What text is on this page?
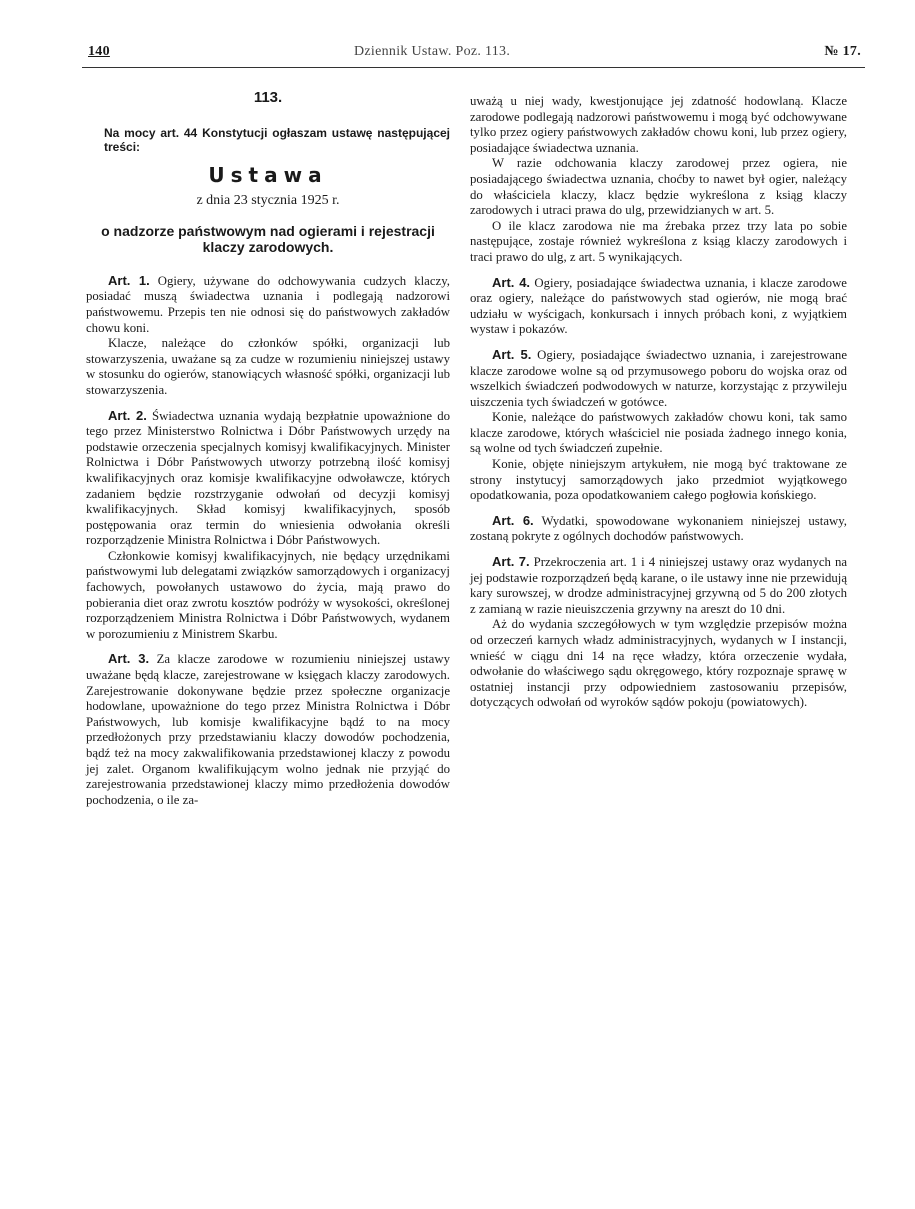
140	Dziennik Ustaw. Poz. 113.	№ 17.

113.

Na mocy art. 44 Konstytucji ogłaszam ustawę następującej treści:

Ustawa

z dnia 23 stycznia 1925 r.

o nadzorze państwowym nad ogierami i rejestracji klaczy zarodowych.

Art. 1. Ogiery, używane do odchowywania cudzych klaczy, posiadać muszą świadectwa uznania i podlegają nadzorowi państwowemu. Przepis ten nie odnosi się do państwowych zakładów chowu koni.

Klacze, należące do członków spółki, organizacji lub stowarzyszenia, uważane są za cudze w rozumieniu niniejszej ustawy w stosunku do ogierów, stanowiących własność spółki, organizacji lub stowarzyszenia.

Art. 2. Świadectwa uznania wydają bezpłatnie upoważnione do tego przez Ministerstwo Rolnictwa i Dóbr Państwowych urzędy na podstawie orzeczenia specjalnych komisyj kwalifikacyjnych. Minister Rolnictwa i Dóbr Państwowych utworzy potrzebną ilość komisyj kwalifikacyjnych oraz komisje kwalifikacyjne odwoławcze, których zadaniem będzie rozstrzyganie odwołań od decyzji komisyj kwalifikacyjnych. Skład komisyj kwalifikacyjnych, sposób postępowania oraz termin do wniesienia odwołania określi rozporządzenie Ministra Rolnictwa i Dóbr Państwowych.

Członkowie komisyj kwalifikacyjnych, nie będący urzędnikami państwowymi lub delegatami związków samorządowych i organizacyj fachowych, powołanych ustawowo do życia, mają prawo do pobierania diet oraz zwrotu kosztów podróży w wysokości, określonej rozporządzeniem Ministra Rolnictwa i Dóbr Państwowych, wydanem w porozumieniu z Ministrem Skarbu.

Art. 3. Za klacze zarodowe w rozumieniu niniejszej ustawy uważane będą klacze, zarejestrowane w księgach klaczy zarodowych. Zarejestrowanie dokonywane będzie przez społeczne organizacje hodowlane, upoważnione do tego przez Ministra Rolnictwa i Dóbr Państwowych, lub komisje kwalifikacyjne bądź to na mocy przedłożonych przy przedstawianiu klaczy dowodów pochodzenia, bądź też na mocy zakwalifikowania przedstawionej klaczy z powodu jej zalet. Organom kwalifikującym wolno jednak nie przyjąć do zarejestrowania przedstawionej klaczy mimo przedłożenia dowodów pochodzenia, o ile za-

uważą u niej wady, kwestjonujące jej zdatność hodowlaną. Klacze zarodowe podlegają nadzorowi państwowemu i mogą być odchowywane tylko przez ogiery państwowych zakładów chowu koni, lub przez ogiery, posiadające świadectwa uznania.

W razie odchowania klaczy zarodowej przez ogiera, nie posiadającego świadectwa uznania, choćby to nawet był ogier, należący do właściciela klaczy, klacz będzie wykreślona z ksiąg klaczy zarodowych i utraci prawa do ulg, przewidzianych w art. 5.

O ile klacz zarodowa nie ma źrebaka przez trzy lata po sobie następujące, zostaje również wykreślona z ksiąg klaczy zarodowych i traci prawo do ulg, z art. 5 wynikających.

Art. 4. Ogiery, posiadające świadectwa uznania, i klacze zarodowe oraz ogiery, należące do państwowych stad ogierów, nie mogą brać udziału w wyścigach, konkursach i innych próbach koni, z wyjątkiem wystaw i pokazów.

Art. 5. Ogiery, posiadające świadectwo uznania, i zarejestrowane klacze zarodowe wolne są od przymusowego poboru do wojska oraz od wszelkich świadczeń podwodowych w naturze, korzystając z przywileju uiszczenia tych świadczeń w gotówce.

Konie, należące do państwowych zakładów chowu koni, tak samo klacze zarodowe, których właściciel nie posiada żadnego innego konia, są wolne od tych świadczeń zupełnie.

Konie, objęte niniejszym artykułem, nie mogą być traktowane ze strony instytucyj samorządowych jako przedmiot wyjątkowego opodatkowania, poza opodatkowaniem całego pogłowia końskiego.

Art. 6. Wydatki, spowodowane wykonaniem niniejszej ustawy, zostaną pokryte z ogólnych dochodów państwowych.

Art. 7. Przekroczenia art. 1 i 4 niniejszej ustawy oraz wydanych na jej podstawie rozporządzeń będą karane, o ile ustawy inne nie przewidują kary surowszej, w drodze administracyjnej grzywną od 5 do 200 złotych z zamianą w razie nieuiszczenia grzywny na areszt do 10 dni.

Aż do wydania szczegółowych w tym względzie przepisów można od orzeczeń karnych władz administracyjnych, wydanych w I instancji, wnieść w ciągu dni 14 na ręce władzy, która orzeczenie wydała, odwołanie do właściwego sądu okręgowego, który rozpoznaje sprawę w ostatniej instancji przy odpowiedniem zastosowaniu przepisów, dotyczących odwołań od wyroków sądów pokoju (powiatowych).
